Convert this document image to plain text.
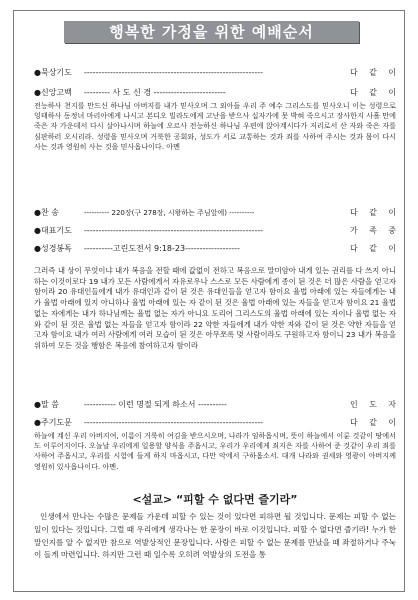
행복한 가정을 위한 예배순서
●묵상기도 --------------------------------------------------------------	다 같 이
●신앙고백 --------- 사 도 신 경 -------------------------	다 같 이

전능하사 천지를 만드신 하나님 아버지를 내가 믿사오며 그 외아들 우리 주 예수 그리스도를 믿사오니 이는 성령으로 잉태하사 동정녀 마리아에게 나시고 본디오 빌라도에게 고난을 받으사 십자가에 못 박혀 죽으시고 장사한지 사흘 만에 죽은 자 가운데서 다시 살아나시며 하늘에 오르사 전능하신 하나님 우편에 앉아계시다가 저리로서 산 자와 죽은 자를 심판하러 오시리라. 성령을 믿사오며 거룩한 공회와, 성도가 서로 교통하는 것과 죄를 사하여 주시는 것과 몸이 다시 사는 것과 영원히 사는 것을 믿사옵나이다. 아멘

●찬 송	---------- 220장(구 278장, 시왕하는 주님앞에) ----------	다 같 이
●대표기도 --------------------------------------------------------------	가 족 중
●성경봉독 ----------고린도전서 9:18-23-------------------	다 같 이

그러즉 내 상이 무엇이냐 내가 복음을 전할 때에 값없이 전하고 복음으로 말미암아 내게 있는 권리를 다 쓰지 아니하는 이것이로다 19 내가 모든 사람에게서 자유로우나 스스로 모든 사람에게 종이 된 것은 더 많은 사람을 얻고자 함이라 20 유대인들에게 내가 유대인과 같이 된 것은 유대인들을 얻고자 함이요 율법 아래에 있는 자들에게는 내가 율법 아래에 있지 아니하나 율법 아래에 있는 자 같이 된 것은 율법 아래에 있는 자들을 얻고자 함이요 21 율법 없는 자에게는 내가 하나님께는 율법 없는 자가 아니요 도리어 그리스도의 율법 아래에 있는 자이나 율법 없는 자와 같이 된 것은 율법 없는 자들을 얻고자 함이라 22 약한 자들에게 내가 약한 자와 같이 된 것은 약한 자들을 얻고자 함이요 내가 여러 사람에게 여러 모습이 된 것은 아무쪼록 몇 사람이라도 구원하고자 함이니 23 내가 복음을 위하여 모든 것을 행함은 복음에 참여하고자 함이라

●말 씀	----------- 이런 명절 되게 하소서 ----------	인 도 자
●주기도문 --------------------------------------------------------------	다 같 이

하늘에 계신 우리 아버지여, 이름이 거룩히 여김을 받으시오며, 나라가 임하옵시며, 뜻이 하늘에서 이룬 것같이 땅에서도 이루어지이다. 오늘날 우리에게 일용할 양식을 주옵시고, 우리가 우리에게 죄지은 자를 사하여 준 것같이 우리 죄를 사하여 주옵시고, 우리를 시험에 들게 하지 마옵시고, 다만 악에서 구하옵소서. 대개 나라와 권세와 영광이 아버지께 영원히 있사옵나이다. 아멘.

<설교> “피할 수 없다면 즐기라”

인생에서 만나는 수많은 문제들 가운데 피할 수 있는 것이 있다면 피하면 될 것입니다. 문제는 피할 수 없는 일이 있다는 것입니다. 그럴 때 우리에게 생각나는 한 문장이 바로 이것입니다. 피할 수 없다면 즐기라! 누가 한 말인지를 알 수 없지만 참으로 역발상적인 문장입니다. 사람은 피할 수 없는 문제를 만났을 때 좌절하거나 주눅이 들게 마련입니다. 하지만 그런 때 일수록 오히려 역발상의 도전을 통
